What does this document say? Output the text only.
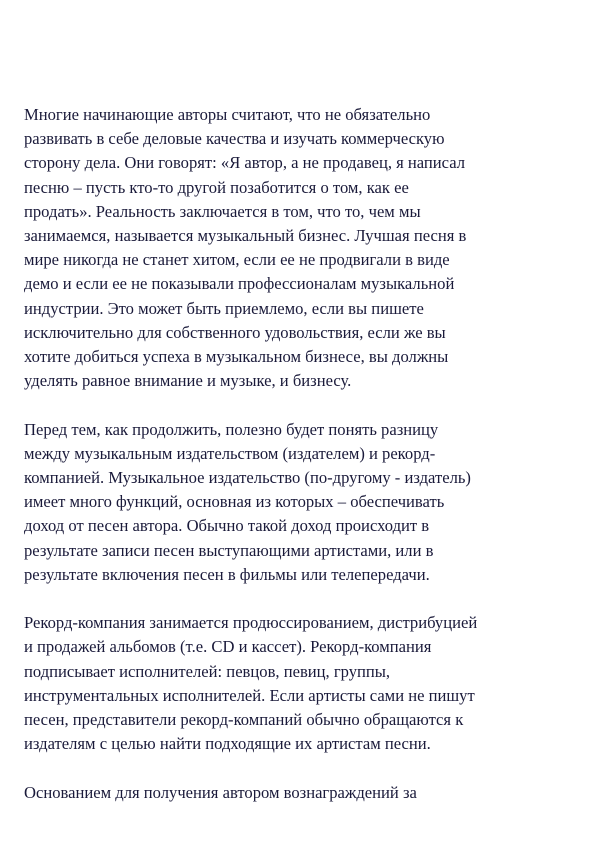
Многие начинающие авторы считают, что не обязательно
развивать в себе деловые качества и изучать коммерческую
сторону дела. Они говорят: «Я автор, а не продавец, я написал
песню – пусть кто-то другой позаботится о том, как ее
продать». Реальность заключается в том, что то, чем мы
занимаемся, называется музыкальный бизнес. Лучшая песня в
мире никогда не станет хитом, если ее не продвигали в виде
демо и если ее не показывали профессионалам музыкальной
индустрии. Это может быть приемлемо, если вы пишете
исключительно для собственного удовольствия, если же вы
хотите добиться успеха в музыкальном бизнесе, вы должны
уделять равное внимание и музыке, и бизнесу.
Перед тем, как продолжить, полезно будет понять разницу
между музыкальным издательством (издателем) и рекорд-
компанией. Музыкальное издательство (по-другому - издатель)
имеет много функций, основная из которых – обеспечивать
доход от песен автора. Обычно такой доход происходит в
результате записи песен выступающими артистами, или в
результате включения песен в фильмы или телепередачи.
Рекорд-компания занимается продюссированием, дистрибуцией
и продажей альбомов (т.е. CD и кассет). Рекорд-компания
подписывает исполнителей: певцов, певиц, группы,
инструментальных исполнителей. Если артисты сами не пишут
песен, представители рекорд-компаний обычно обращаются к
издателям с целью найти подходящие их артистам песни.
Основанием для получения автором вознаграждений за
